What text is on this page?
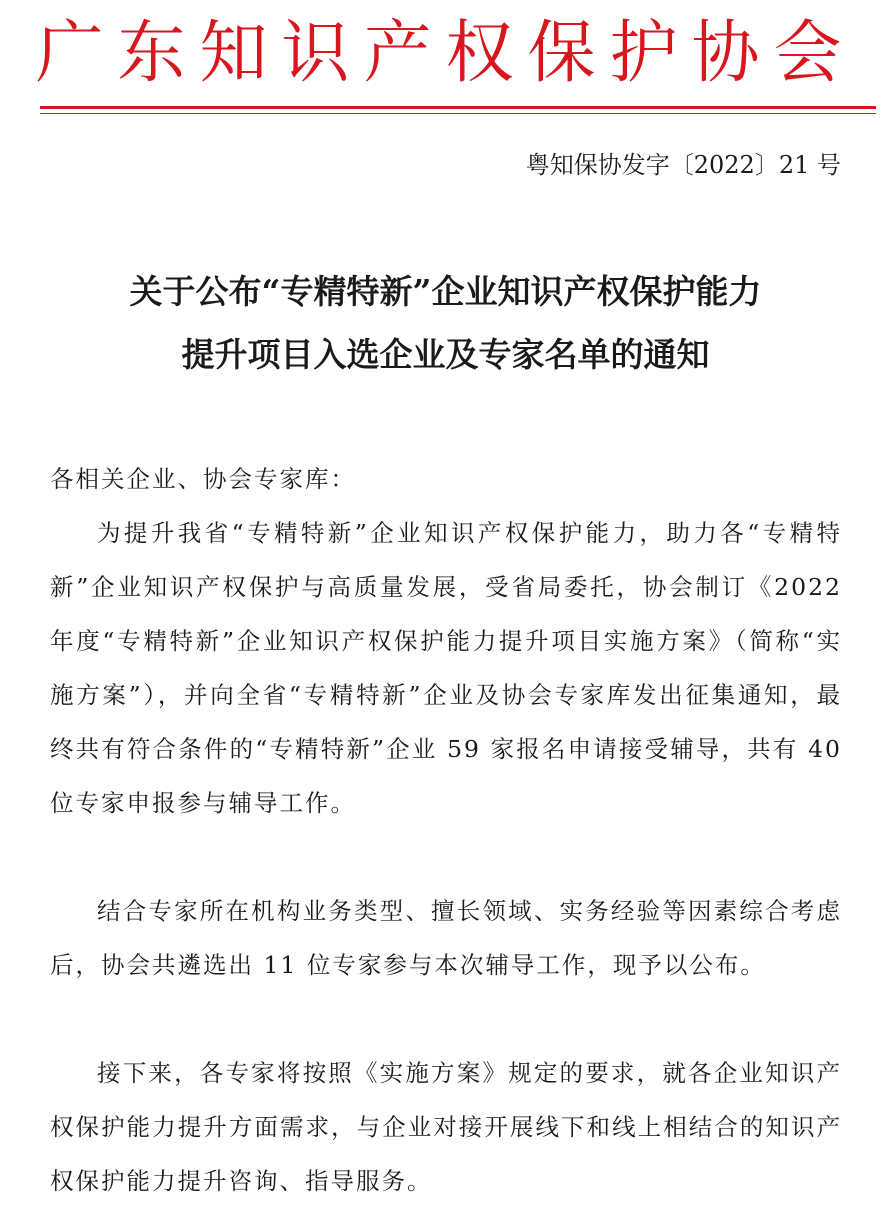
广东知识产权保护协会
粤知保协发字〔2022〕21 号
关于公布“专精特新”企业知识产权保护能力
提升项目入选企业及专家名单的通知
各相关企业、协会专家库：
为提升我省“专精特新”企业知识产权保护能力，助力各“专精特新”企业知识产权保护与高质量发展，受省局委托，协会制订《2022 年度“专精特新”企业知识产权保护能力提升项目实施方案》（简称“实施方案”），并向全省“专精特新”企业及协会专家库发出征集通知，最终共有符合条件的“专精特新”企业 59 家报名申请接受辅导，共有 40 位专家申报参与辅导工作。
结合专家所在机构业务类型、擅长领域、实务经验等因素综合考虑后，协会共遴选出 11 位专家参与本次辅导工作，现予以公布。
接下来，各专家将按照《实施方案》规定的要求，就各企业知识产权保护能力提升方面需求，与企业对接开展线下和线上相结合的知识产权保护能力提升咨询、指导服务。
